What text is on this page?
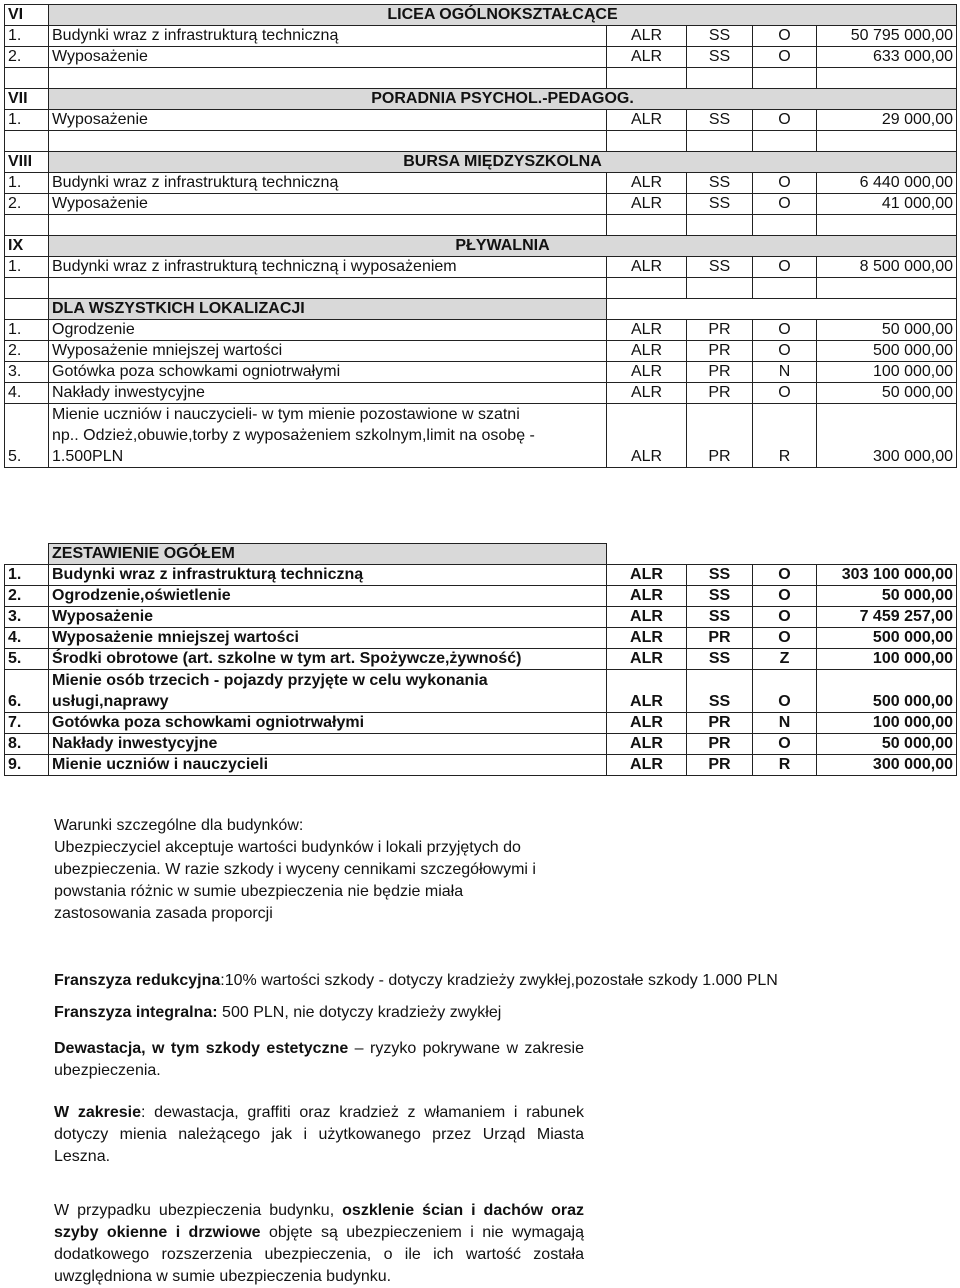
VI	LICEA OGÓLNOKSZTAŁCĄCE				
1.	Budynki wraz z infrastrukturą techniczną	ALR	SS	O	50 795 000,00
2.	Wyposażenie	ALR	SS	O	633 000,00

VII	PORADNIA PSYCHOL.-PEDAGOG.				
1.	Wyposażenie	ALR	SS	O	29 000,00

VIII	BURSA MIĘDZYSZKOLNA				
1.	Budynki wraz z infrastrukturą techniczną	ALR	SS	O	6 440 000,00
2.	Wyposażenie	ALR	SS	O	41 000,00

IX	PŁYWALNIA				
1.	Budynki wraz z infrastrukturą techniczną i wyposażeniem	ALR	SS	O	8 500 000,00

	DLA WSZYSTKICH LOKALIZACJI				
1.	Ogrodzenie	ALR	PR	O	50 000,00
2.	Wyposażenie mniejszej wartości	ALR	PR	O	500 000,00
3.	Gotówka poza schowkami ogniotrwałymi	ALR	PR	N	100 000,00
4.	Nakłady inwestycyjne	ALR	PR	O	50 000,00
5.	Mienie uczniów i nauczycieli- w tym mienie pozostawione w szatni
np.. Odzież,obuwie,torby z wyposażeniem szkolnym,limit na osobę -
1.500PLN	ALR	PR	R	300 000,00
	ZESTAWIENIE OGÓŁEM				
1.	Budynki wraz z infrastrukturą techniczną	ALR	SS	O	303 100 000,00
2.	Ogrodzenie,oświetlenie	ALR	SS	O	50 000,00
3.	Wyposażenie	ALR	SS	O	7 459 257,00
4.	Wyposażenie mniejszej wartości	ALR	PR	O	500 000,00
5.	Środki obrotowe (art. szkolne w tym art. Spożywcze,żywność)	ALR	SS	Z	100 000,00
6.	Mienie osób trzecich - pojazdy przyjęte w celu wykonania
usługi,naprawy	ALR	SS	O	500 000,00
7.	Gotówka poza schowkami ogniotrwałymi	ALR	PR	N	100 000,00
8.	Nakłady inwestycyjne	ALR	PR	O	50 000,00
9.	Mienie uczniów i nauczycieli	ALR	PR	R	300 000,00
Warunki szczególne dla budynków:
Ubezpieczyciel akceptuje wartości budynków i lokali przyjętych do
ubezpieczenia. W razie szkody i wyceny cennikami szczegółowymi i
powstania różnic w sumie ubezpieczenia nie będzie miała
zastosowania zasada proporcji
Franszyza redukcyjna:10% wartości szkody - dotyczy kradzieży zwykłej,pozostałe szkody 1.000 PLN
Franszyza integralna: 500 PLN, nie dotyczy kradzieży zwykłej
Dewastacja, w tym szkody estetyczne – ryzyko pokrywane w zakresie ubezpieczenia.
W zakresie: dewastacja, graffiti oraz kradzież z włamaniem i rabunek dotyczy mienia należącego jak i użytkowanego przez Urząd Miasta Leszna.
W przypadku ubezpieczenia budynku, oszklenie ścian i dachów oraz szyby okienne i drzwiowe objęte są ubezpieczeniem i nie wymagają dodatkowego rozszerzenia ubezpieczenia, o ile ich wartość została uwzględniona w sumie ubezpieczenia budynku.
